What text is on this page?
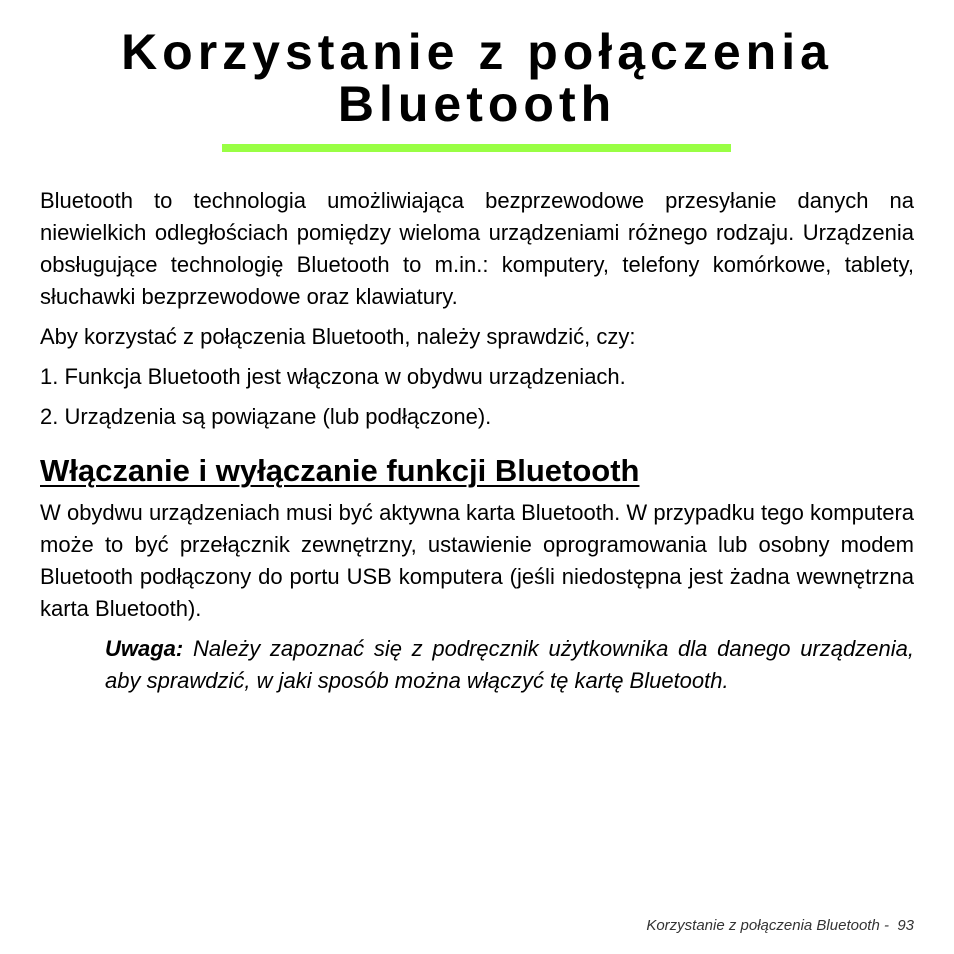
Korzystanie z połączenia
Bluetooth

Bluetooth to technologia umożliwiająca bezprzewodowe przesyłanie danych na niewielkich odległościach pomiędzy wieloma urządzeniami różnego rodzaju. Urządzenia obsługujące technologię Bluetooth to m.in.: komputery, telefony komórkowe, tablety, słuchawki bezprzewodowe oraz klawiatury.

Aby korzystać z połączenia Bluetooth, należy sprawdzić, czy:

1. Funkcja Bluetooth jest włączona w obydwu urządzeniach.

2. Urządzenia są powiązane (lub podłączone).

Włączanie i wyłączanie funkcji Bluetooth

W obydwu urządzeniach musi być aktywna karta Bluetooth. W przypadku tego komputera może to być przełącznik zewnętrzny, ustawienie oprogramowania lub osobny modem Bluetooth podłączony do portu USB komputera (jeśli niedostępna jest żadna wewnętrzna karta Bluetooth).

Uwaga: Należy zapoznać się z podręcznik użytkownika dla danego urządzenia, aby sprawdzić, w jaki sposób można włączyć tę kartę Bluetooth.

Korzystanie z połączenia Bluetooth -  93
